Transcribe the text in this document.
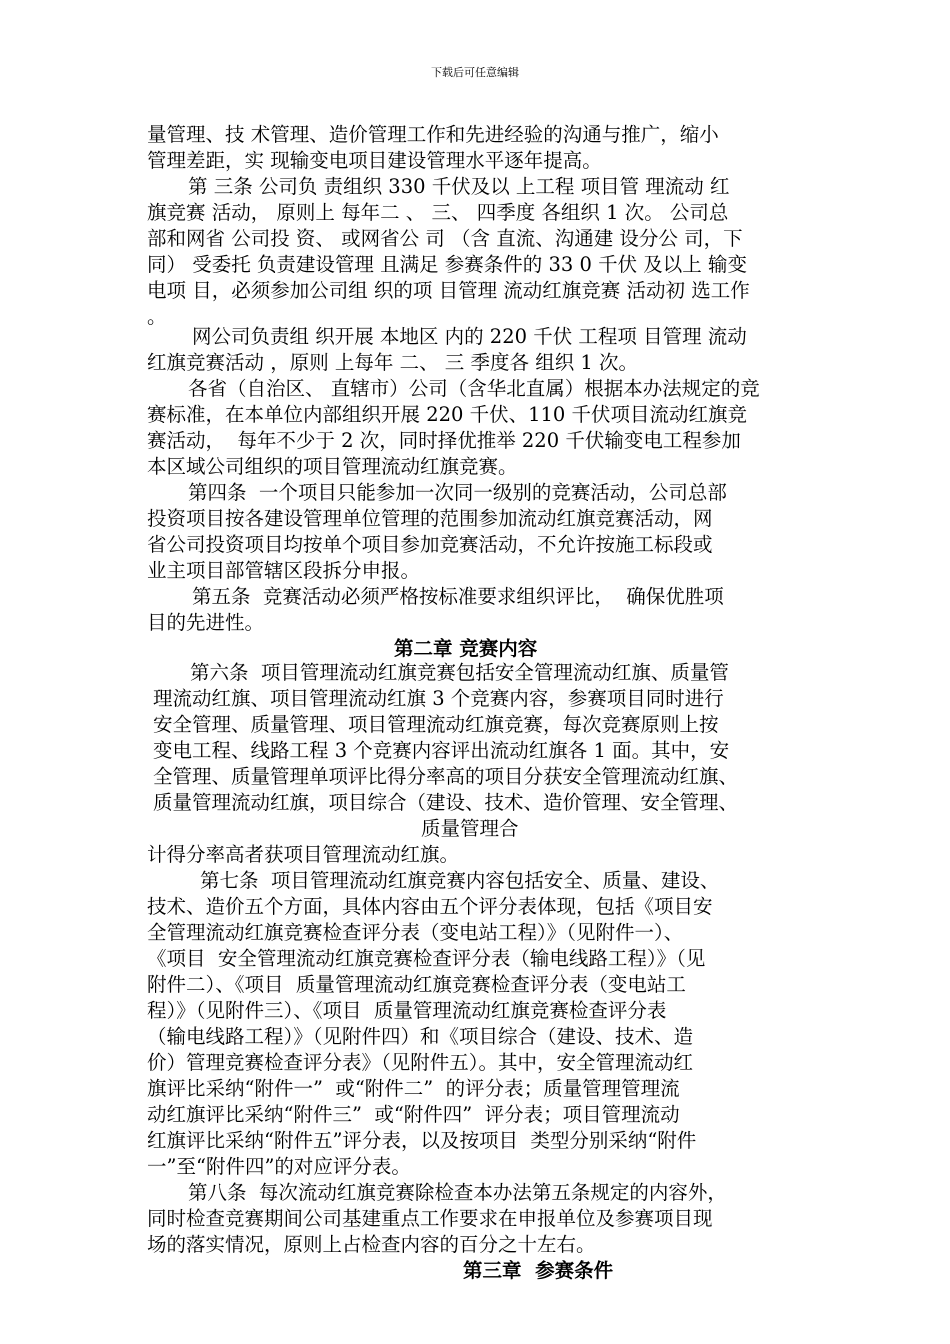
下载后可任意编辑
量管理、技 术管理、造价管理工作和先进经验的沟通与推广，缩小
管理差距，实 现输变电项目建设管理水平逐年提高。
第 三条 公司负 责组织 330 千伏及以 上工程 项目管 理流动 红
旗竞赛 活动， 原则上 每年二 、 三、 四季度 各组织 1 次。 公司总
部和网省 公司投 资、 或网省公 司 （含 直流、沟通建 设分公 司，下
同） 受委托 负责建设管理 且满足 参赛条件的 33 0 千伏 及以上 输变
电项 目，必须参加公司组 织的项 目管理 流动红旗竞赛 活动初 选工作
。
网公司负责组 织开展 本地区 内的 220 千伏 工程项 目管理 流动
红旗竞赛活动 ，原则 上每年 二、 三 季度各 组织 1 次。
各省（自治区、 直辖市）公司（含华北直属）根据本办法规定的竞
赛标准，在本单位内部组织开展 220 千伏、110 千伏项目流动红旗竞
赛活动，  每年不少于 2 次，同时择优推举 220 千伏输变电工程参加
本区域公司组织的项目管理流动红旗竞赛。
第四条  一个项目只能参加一次同一级别的竞赛活动，公司总部
投资项目按各建设管理单位管理的范围参加流动红旗竞赛活动，网
省公司投资项目均按单个项目参加竞赛活动，不允许按施工标段或
业主项目部管辖区段拆分申报。
第五条  竞赛活动必须严格按标准要求组织评比，  确保优胜项
目的先进性。
第二章 竞赛内容
第六条  项目管理流动红旗竞赛包括安全管理流动红旗、质量管
理流动红旗、项目管理流动红旗 3 个竞赛内容，参赛项目同时进行
安全管理、质量管理、项目管理流动红旗竞赛，每次竞赛原则上按
变电工程、线路工程 3 个竞赛内容评出流动红旗各 1 面。其中，安
全管理、质量管理单项评比得分率高的项目分获安全管理流动红旗、
质量管理流动红旗，项目综合（建设、技术、造价管理、安全管理、
质量管理合
计得分率高者获项目管理流动红旗。
第七条  项目管理流动红旗竞赛内容包括安全、质量、建设、
技术、造价五个方面，具体内容由五个评分表体现，包括《项目安
全管理流动红旗竞赛检查评分表（变电站工程）》（见附件一）、
《项目  安全管理流动红旗竞赛检查评分表（输电线路工程）》（见
附件二）、《项目  质量管理流动红旗竞赛检查评分表（变电站工
程）》（见附件三）、《项目  质量管理流动红旗竞赛检查评分表
（输电线路工程）》（见附件四）和《项目综合（建设、技术、造
价）管理竞赛检查评分表》（见附件五）。其中，安全管理流动红
旗评比采纳“附件一”  或“附件二”  的评分表；质量管理管理流
动红旗评比采纳“附件三”  或“附件四”  评分表；项目管理流动
红旗评比采纳“附件五”评分表，以及按项目  类型分别采纳“附件
一”至“附件四”的对应评分表。
第八条  每次流动红旗竞赛除检查本办法第五条规定的内容外，
同时检查竞赛期间公司基建重点工作要求在申报单位及参赛项目现
场的落实情况，原则上占检查内容的百分之十左右。
第三章  参赛条件
